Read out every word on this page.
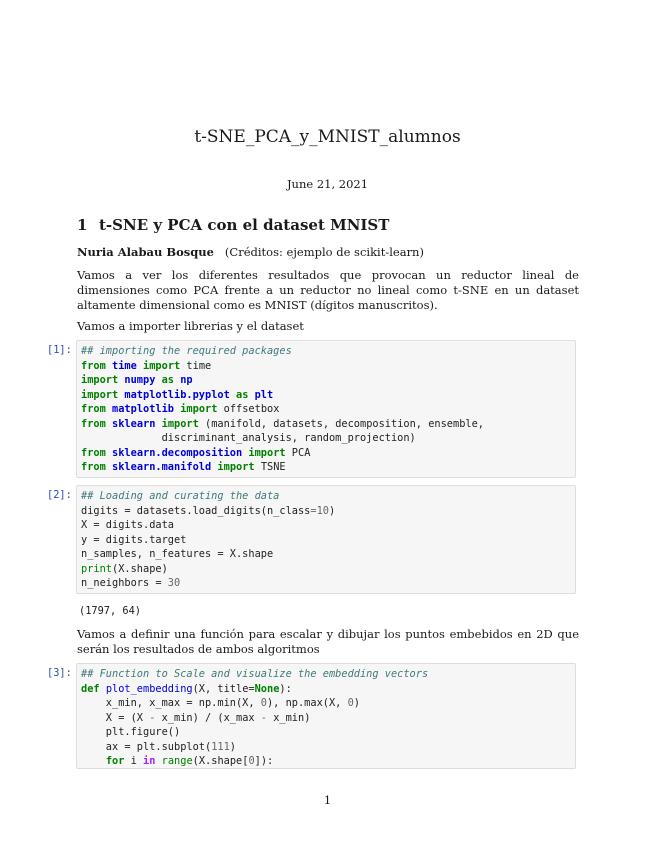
t-SNE_PCA_y_MNIST_alumnos
June 21, 2021
1 t-SNE y PCA con el dataset MNIST
Nuria Alabau Bosque (Créditos: ejemplo de scikit-learn)
Vamos a ver los diferentes resultados que provocan un reductor lineal de dimensiones como PCA frente a un reductor no lineal como t-SNE en un dataset altamente dimensional como es MNIST (dígitos manuscritos).
Vamos a importer librerias y el dataset
[1]: ## importing the required packages
from time import time
import numpy as np
import matplotlib.pyplot as plt
from matplotlib import offsetbox
from sklearn import (manifold, datasets, decomposition, ensemble,
discriminant_analysis, random_projection)
from sklearn.decomposition import PCA
from sklearn.manifold import TSNE
[2]: ## Loading and curating the data
digits = datasets.load_digits(n_class=10)
X = digits.data
y = digits.target
n_samples, n_features = X.shape
print(X.shape)
n_neighbors = 30
(1797, 64)
Vamos a definir una función para escalar y dibujar los puntos embebidos en 2D que serán los resultados de ambos algoritmos
[3]: ## Function to Scale and visualize the embedding vectors
def plot_embedding(X, title=None):
x_min, x_max = np.min(X, 0), np.max(X, 0)
X = (X - x_min) / (x_max - x_min)
plt.figure()
ax = plt.subplot(111)
for i in range(X.shape[0]):
1
